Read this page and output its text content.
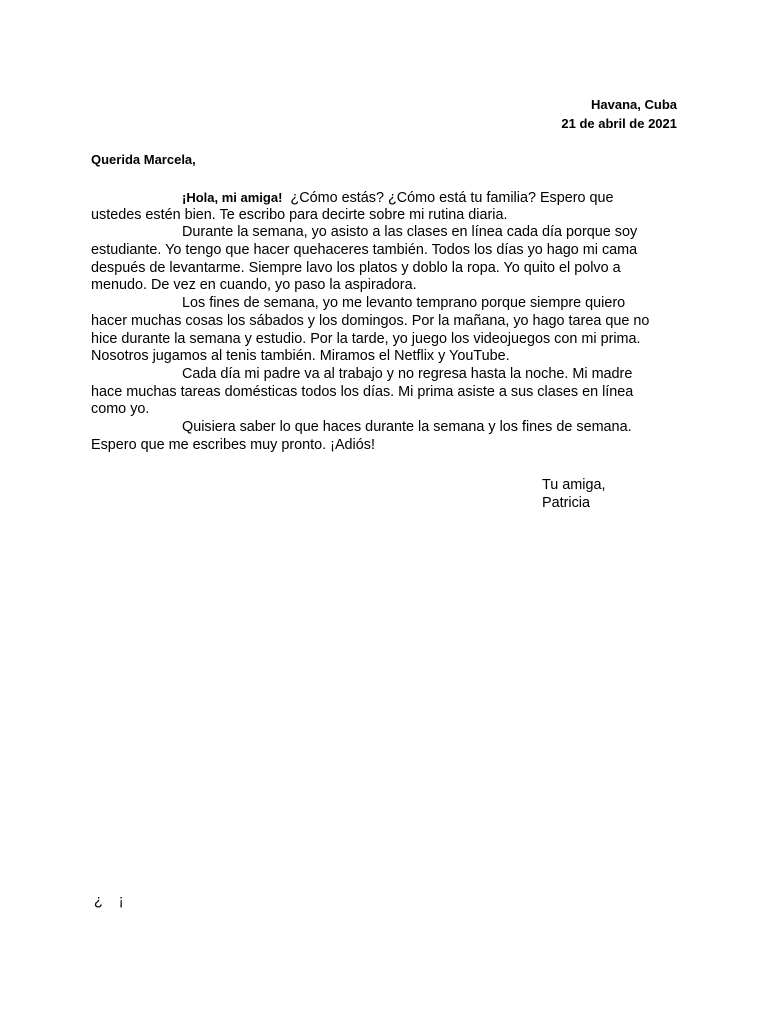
Havana, Cuba
21 de abril de 2021
Querida Marcela,
¡Hola, mi amiga! ¿Cómo estás? ¿Cómo está tu familia? Espero que
ustedes estén bien. Te escribo para decirte sobre mi rutina diaria.
Durante la semana, yo asisto a las clases en línea cada día porque soy
estudiante. Yo tengo que hacer quehaceres también. Todos los días yo hago mi cama
después de levantarme. Siempre lavo los platos y doblo la ropa. Yo quito el polvo a
menudo. De vez en cuando, yo paso la aspiradora.
Los fines de semana, yo me levanto temprano porque siempre quiero
hacer muchas cosas los sábados y los domingos. Por la mañana, yo hago tarea que no
hice durante la semana y estudio. Por la tarde, yo juego los videojuegos con mi prima.
Nosotros jugamos al tenis también. Miramos el Netflix y YouTube.
Cada día mi padre va al trabajo y no regresa hasta la noche. Mi madre
hace muchas tareas domésticas todos los días. Mi prima asiste a sus clases en línea
como yo.
Quisiera saber lo que haces durante la semana y los fines de semana.
Espero que me escribes muy pronto. ¡Adiós!
Tu amiga,
Patricia
¿    ¡
